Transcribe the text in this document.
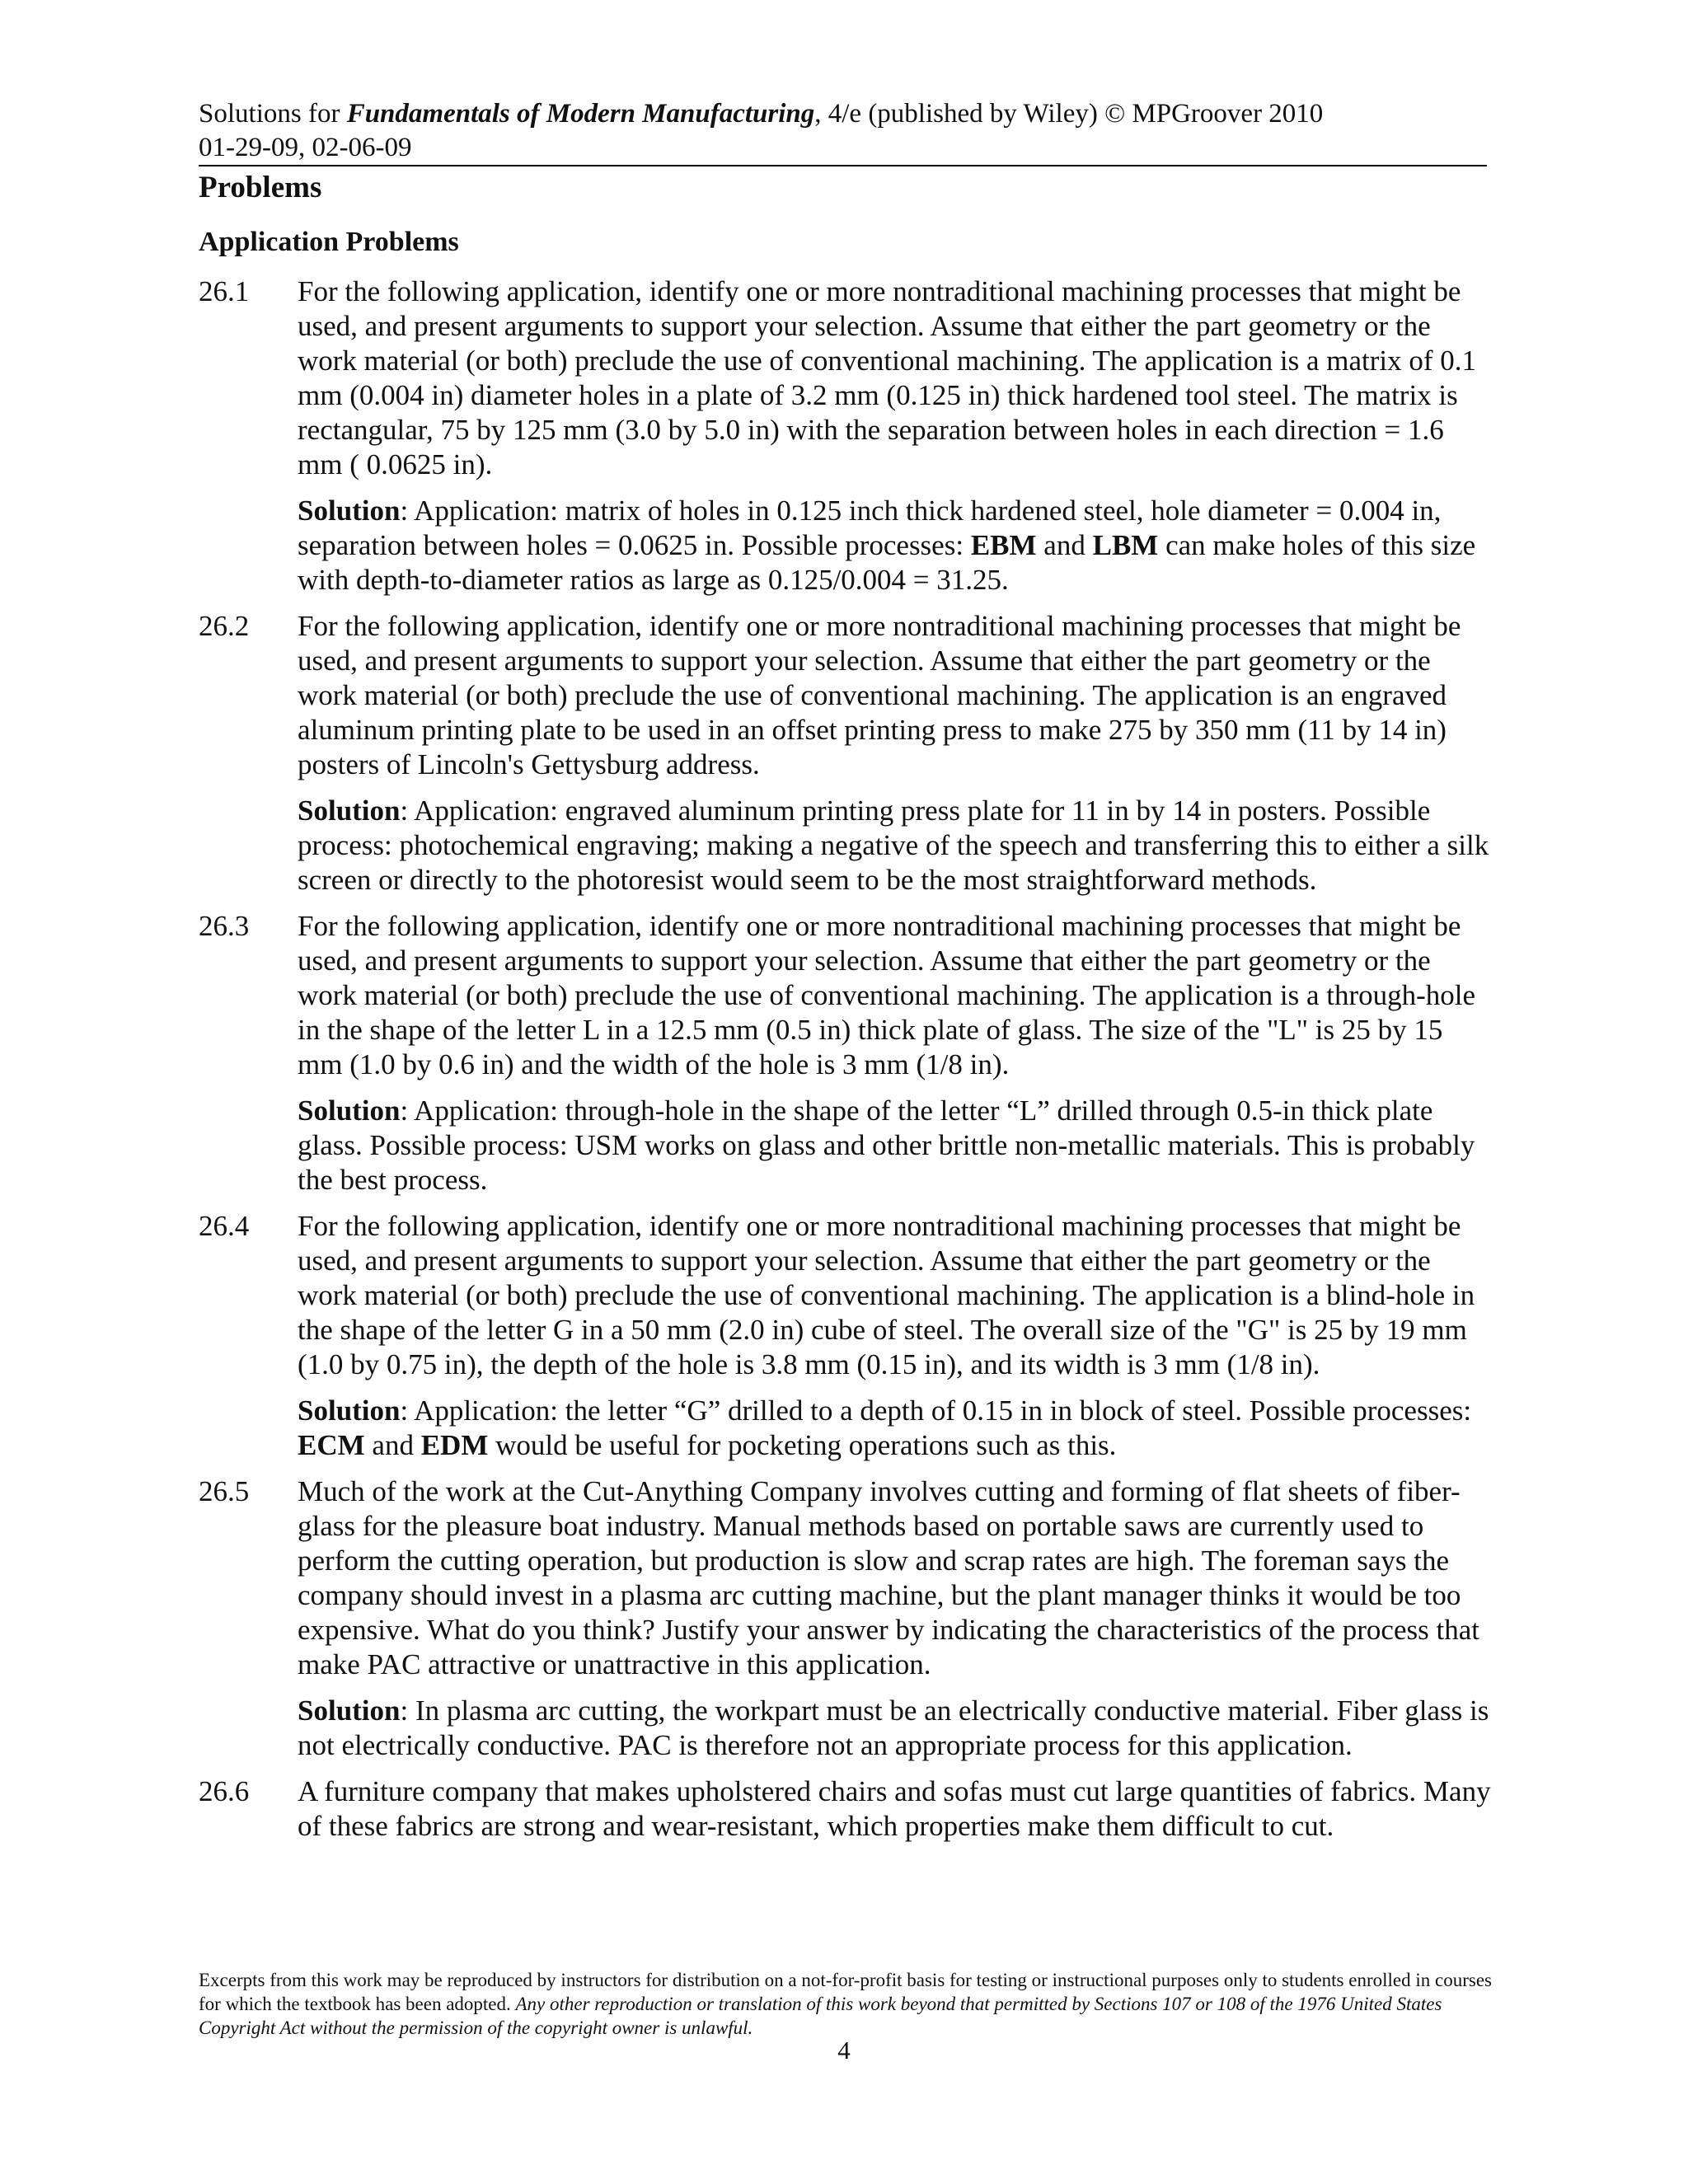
Solutions for Fundamentals of Modern Manufacturing, 4/e (published by Wiley) © MPGroover 2010
01-29-09, 02-06-09
Problems
Application Problems
26.1	For the following application, identify one or more nontraditional machining processes that might be used, and present arguments to support your selection. Assume that either the part geometry or the work material (or both) preclude the use of conventional machining. The application is a matrix of 0.1 mm (0.004 in) diameter holes in a plate of 3.2 mm (0.125 in) thick hardened tool steel. The matrix is rectangular, 75 by 125 mm (3.0 by 5.0 in) with the separation between holes in each direction = 1.6 mm ( 0.0625 in).
Solution: Application: matrix of holes in 0.125 inch thick hardened steel, hole diameter = 0.004 in, separation between holes = 0.0625 in. Possible processes: EBM and LBM can make holes of this size with depth-to-diameter ratios as large as 0.125/0.004 = 31.25.
26.2	For the following application, identify one or more nontraditional machining processes that might be used, and present arguments to support your selection. Assume that either the part geometry or the work material (or both) preclude the use of conventional machining. The application is an engraved aluminum printing plate to be used in an offset printing press to make 275 by 350 mm (11 by 14 in) posters of Lincoln's Gettysburg address.
Solution: Application: engraved aluminum printing press plate for 11 in by 14 in posters. Possible process: photochemical engraving; making a negative of the speech and transferring this to either a silk screen or directly to the photoresist would seem to be the most straightforward methods.
26.3	For the following application, identify one or more nontraditional machining processes that might be used, and present arguments to support your selection. Assume that either the part geometry or the work material (or both) preclude the use of conventional machining. The application is a through-hole in the shape of the letter L in a 12.5 mm (0.5 in) thick plate of glass. The size of the "L" is 25 by 15 mm (1.0 by 0.6 in) and the width of the hole is 3 mm (1/8 in).
Solution: Application: through-hole in the shape of the letter “L” drilled through 0.5-in thick plate glass. Possible process: USM works on glass and other brittle non-metallic materials. This is probably the best process.
26.4	For the following application, identify one or more nontraditional machining processes that might be used, and present arguments to support your selection. Assume that either the part geometry or the work material (or both) preclude the use of conventional machining. The application is a blind-hole in the shape of the letter G in a 50 mm (2.0 in) cube of steel. The overall size of the "G" is 25 by 19 mm (1.0 by 0.75 in), the depth of the hole is 3.8 mm (0.15 in), and its width is 3 mm (1/8 in).
Solution: Application: the letter “G” drilled to a depth of 0.15 in in block of steel. Possible processes: ECM and EDM would be useful for pocketing operations such as this.
26.5	Much of the work at the Cut-Anything Company involves cutting and forming of flat sheets of fiber-glass for the pleasure boat industry. Manual methods based on portable saws are currently used to perform the cutting operation, but production is slow and scrap rates are high. The foreman says the company should invest in a plasma arc cutting machine, but the plant manager thinks it would be too expensive. What do you think? Justify your answer by indicating the characteristics of the process that make PAC attractive or unattractive in this application.
Solution: In plasma arc cutting, the workpart must be an electrically conductive material. Fiber glass is not electrically conductive. PAC is therefore not an appropriate process for this application.
26.6	A furniture company that makes upholstered chairs and sofas must cut large quantities of fabrics. Many of these fabrics are strong and wear-resistant, which properties make them difficult to cut.
Excerpts from this work may be reproduced by instructors for distribution on a not-for-profit basis for testing or instructional purposes only to students enrolled in courses for which the textbook has been adopted. Any other reproduction or translation of this work beyond that permitted by Sections 107 or 108 of the 1976 United States Copyright Act without the permission of the copyright owner is unlawful.
4
